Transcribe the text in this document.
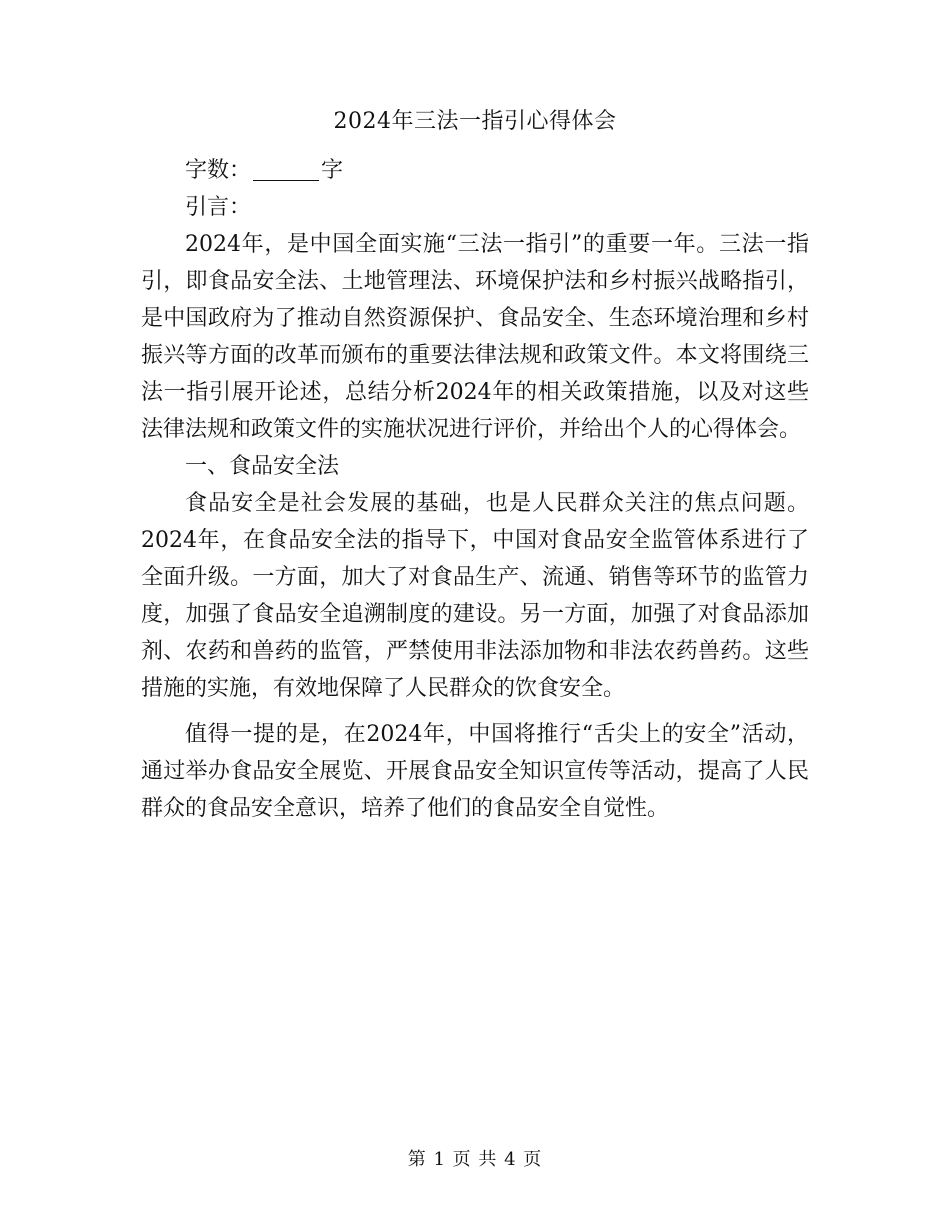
2024年三法一指引心得体会

字数：	字

引言：

2024年，是中国全面实施“三法一指引”的重要一年。三法一指引，即食品安全法、土地管理法、环境保护法和乡村振兴战略指引，是中国政府为了推动自然资源保护、食品安全、生态环境治理和乡村振兴等方面的改革而颁布的重要法律法规和政策文件。本文将围绕三法一指引展开论述，总结分析2024年的相关政策措施，以及对这些法律法规和政策文件的实施状况进行评价，并给出个人的心得体会。

一、食品安全法

食品安全是社会发展的基础，也是人民群众关注的焦点问题。2024年，在食品安全法的指导下，中国对食品安全监管体系进行了全面升级。一方面，加大了对食品生产、流通、销售等环节的监管力度，加强了食品安全追溯制度的建设。另一方面，加强了对食品添加剂、农药和兽药的监管，严禁使用非法添加物和非法农药兽药。这些措施的实施，有效地保障了人民群众的饮食安全。

值得一提的是，在2024年，中国将推行“舌尖上的安全”活动，通过举办食品安全展览、开展食品安全知识宣传等活动，提高了人民群众的食品安全意识，培养了他们的食品安全自觉性。

第 1 页 共 4 页
